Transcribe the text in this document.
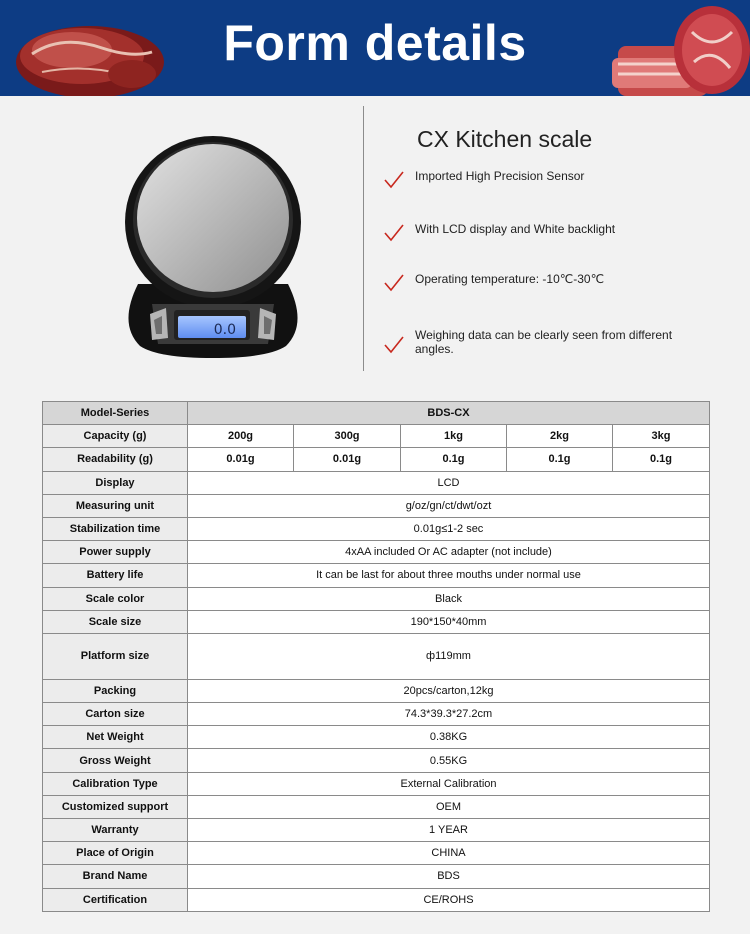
Form details
0.0
CX Kitchen scale
Imported High Precision Sensor
With LCD display and White backlight
Operating temperature: -10℃-30℃
Weighing data can be clearly seen from different angles.
Model-Series	BDS-CX				
Capacity (g)	200g	300g	1kg	2kg	3kg
Readability (g)	0.01g	0.01g	0.1g	0.1g	0.1g
Display	LCD				
Measuring unit	g/oz/gn/ct/dwt/ozt				
Stabilization time	0.01g≤1-2 sec				
Power supply	4xAA included Or AC adapter (not include)				
Battery life	It can be last for about three mouths under normal use				
Scale color	Black				
Scale size	190*150*40mm				
Platform size	ф119mm				
Packing	20pcs/carton,12kg				
Carton size	74.3*39.3*27.2cm				
Net Weight	0.38KG				
Gross Weight	0.55KG				
Calibration Type	External Calibration				
Customized support	OEM				
Warranty	1 YEAR				
Place of Origin	CHINA				
Brand Name	BDS				
Certification	CE/ROHS				
